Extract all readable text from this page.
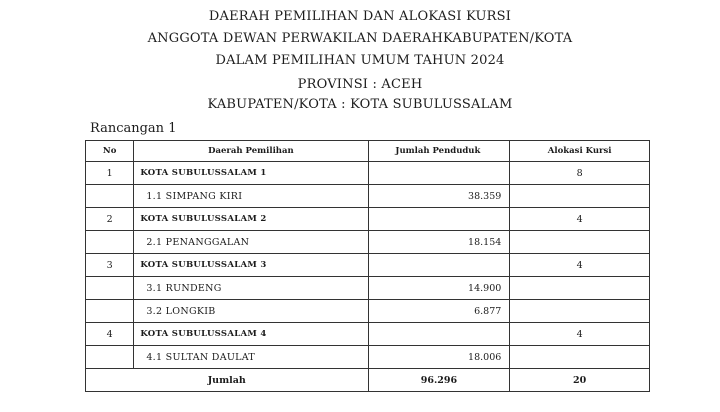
DAERAH PEMILIHAN DAN ALOKASI KURSI
ANGGOTA DEWAN PERWAKILAN DAERAHKABUPATEN/KOTA
DALAM PEMILIHAN UMUM TAHUN 2024
PROVINSI : ACEH
KABUPATEN/KOTA : KOTA SUBULUSSALAM
Rancangan 1
No	Daerah Pemilihan	Jumlah Penduduk	Alokasi Kursi
1	KOTA SUBULUSSALAM 1		8
	1.1 SIMPANG KIRI	38.359	
2	KOTA SUBULUSSALAM 2		4
	2.1 PENANGGALAN	18.154	
3	KOTA SUBULUSSALAM 3		4
	3.1 RUNDENG	14.900	
	3.2 LONGKIB	6.877	
4	KOTA SUBULUSSALAM 4		4
	4.1 SULTAN DAULAT	18.006	
Jumlah		96.296	20
